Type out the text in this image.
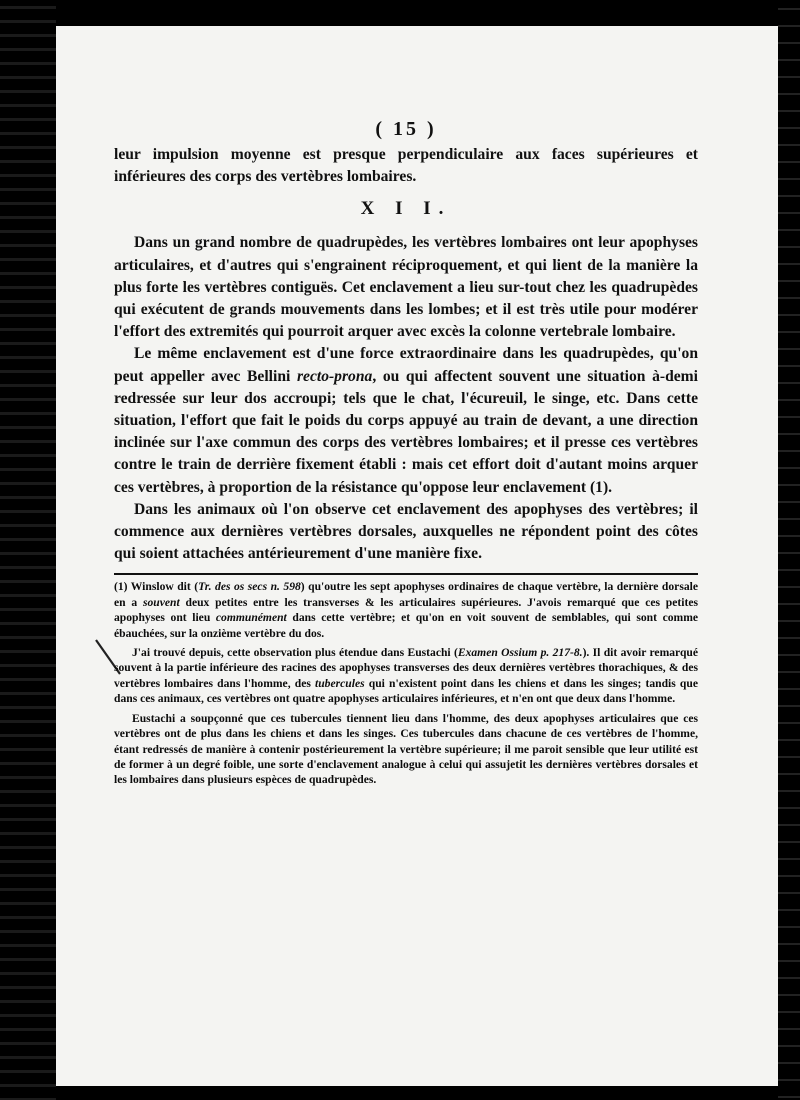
( 15 )

leur impulsion moyenne est presque perpendiculaire aux faces supérieures et inférieures des corps des vertèbres lombaires.

X I I.

Dans un grand nombre de quadrupèdes, les vertèbres lombaires ont leur apophyses articulaires, et d'autres qui s'engrainent réciproquement, et qui lient de la manière la plus forte les vertèbres contiguës. Cet enclavement a lieu sur-tout chez les quadrupèdes qui exécutent de grands mouvements dans les lombes; et il est très utile pour modérer l'effort des extremités qui pourroit arquer avec excès la colonne vertebrale lombaire.

Le même enclavement est d'une force extraordinaire dans les quadrupèdes, qu'on peut appeller avec Bellini recto-prona, ou qui affectent souvent une situation à-demi redressée sur leur dos accroupi; tels que le chat, l'écureuil, le singe, etc. Dans cette situation, l'effort que fait le poids du corps appuyé au train de devant, a une direction inclinée sur l'axe commun des corps des vertèbres lombaires; et il presse ces vertèbres contre le train de derrière fixement établi : mais cet effort doit d'autant moins arquer ces vertèbres, à proportion de la résistance qu'oppose leur enclavement (1).

Dans les animaux où l'on observe cet enclavement des apophyses des vertèbres; il commence aux dernières vertèbres dorsales, auxquelles ne répondent point des côtes qui soient attachées antérieurement d'une manière fixe.

(1) Winslow dit (Tr. des os secs n. 598) qu'outre les sept apophyses ordinaires de chaque vertèbre, la dernière dorsale en a souvent deux petites entre les transverses & les articulaires supérieures. J'avois remarqué que ces petites apophyses ont lieu communément dans cette vertèbre; et qu'on en voit souvent de semblables, qui sont comme ébauchées, sur la onzième vertèbre du dos.

J'ai trouvé depuis, cette observation plus étendue dans Eustachi (Examen Ossium p. 217-8.). Il dit avoir remarqué souvent à la partie inférieure des racines des apophyses transverses des deux dernières vertèbres thorachiques, & des vertèbres lombaires dans l'homme, des tubercules qui n'existent point dans les chiens et dans les singes; tandis que dans ces animaux, ces vertèbres ont quatre apophyses articulaires inférieures, et n'en ont que deux dans l'homme.

Eustachi a soupçonné que ces tubercules tiennent lieu dans l'homme, des deux apophyses articulaires que ces vertèbres ont de plus dans les chiens et dans les singes. Ces tubercules dans chacune de ces vertèbres de l'homme, étant redressés de manière à contenir postérieurement la vertèbre supérieure; il me paroit sensible que leur utilité est de former à un degré foible, une sorte d'enclavement analogue à celui qui assujetit les dernières vertèbres dorsales et les lombaires dans plusieurs espèces de quadrupèdes.
